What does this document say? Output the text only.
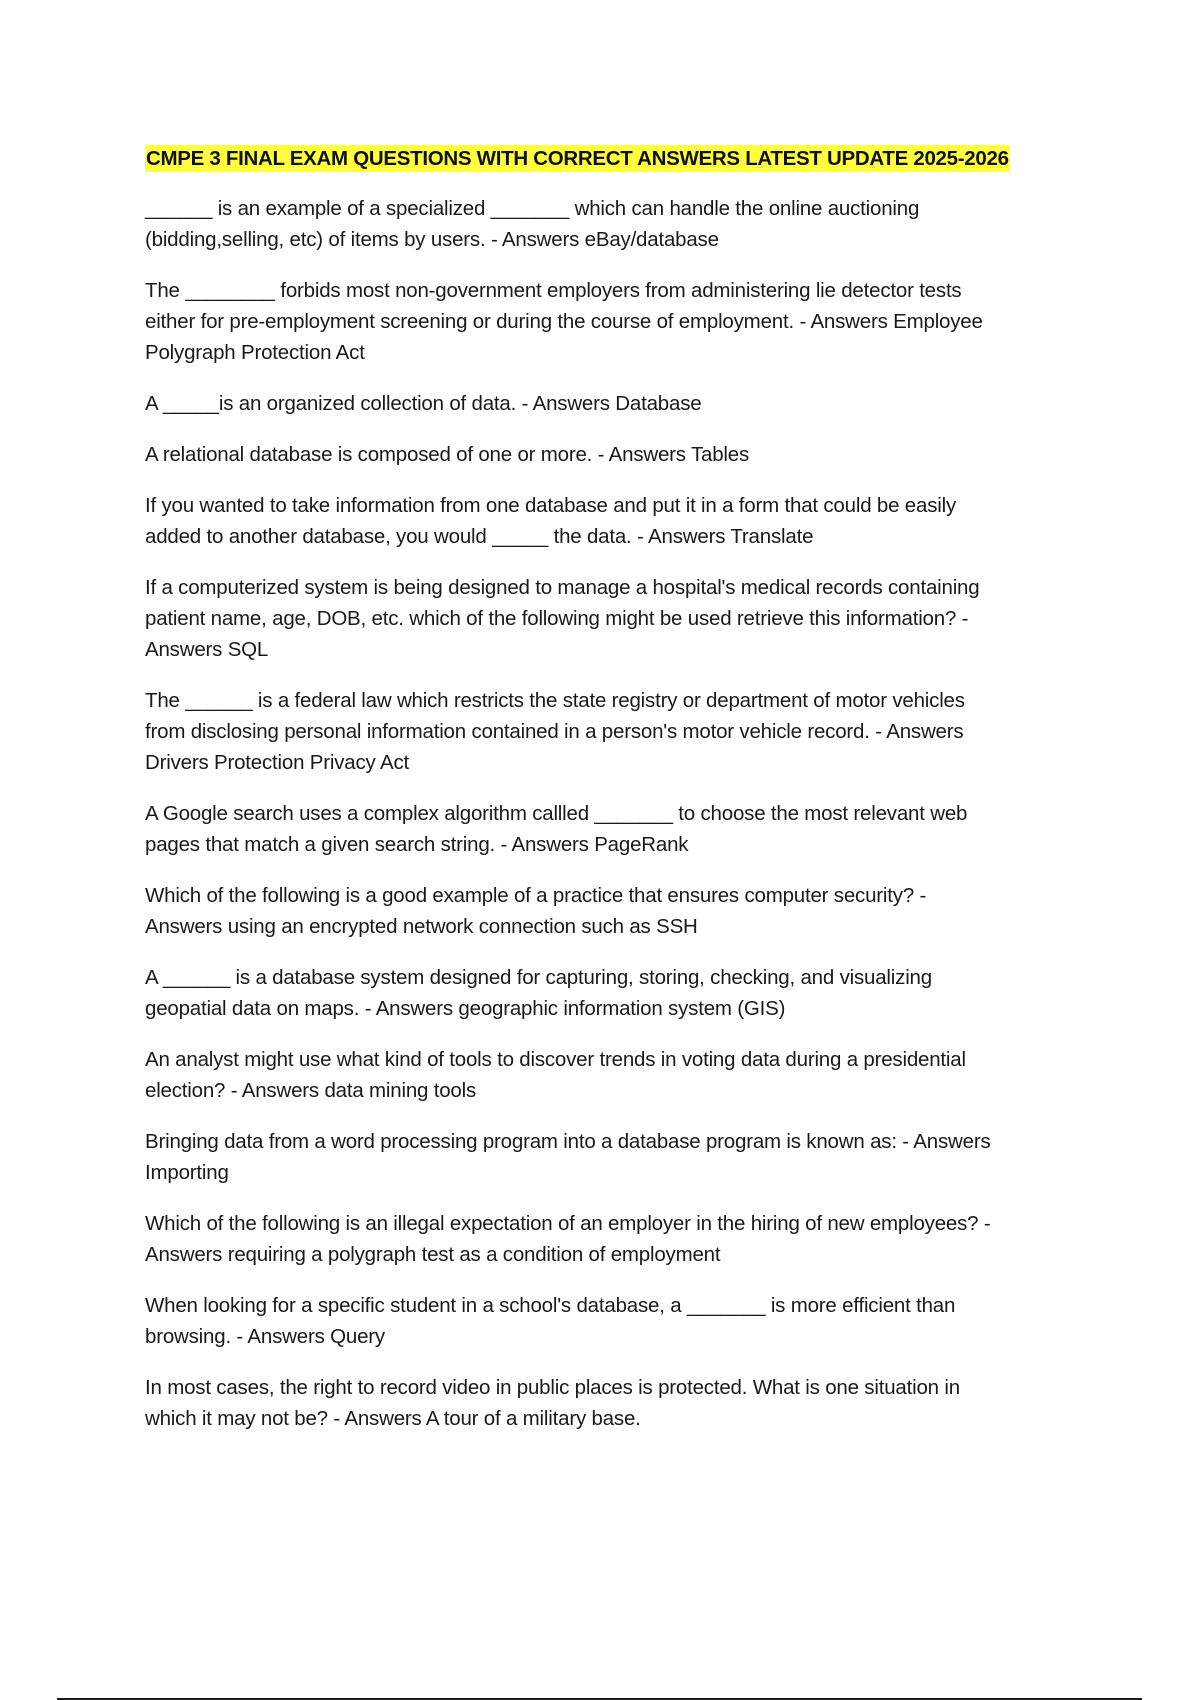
CMPE 3 FINAL EXAM QUESTIONS WITH CORRECT ANSWERS LATEST UPDATE 2025-2026

______ is an example of a specialized _______ which can handle the online auctioning
(bidding,selling, etc) of items by users. - Answers eBay/database

The ________ forbids most non-government employers from administering lie detector tests
either for pre-employment screening or during the course of employment. - Answers Employee
Polygraph Protection Act

A _____is an organized collection of data. - Answers Database

A relational database is composed of one or more. - Answers Tables

If you wanted to take information from one database and put it in a form that could be easily
added to another database, you would _____ the data. - Answers Translate

If a computerized system is being designed to manage a hospital's medical records containing
patient name, age, DOB, etc. which of the following might be used retrieve this information? -
Answers SQL

The ______ is a federal law which restricts the state registry or department of motor vehicles
from disclosing personal information contained in a person's motor vehicle record. - Answers
Drivers Protection Privacy Act

A Google search uses a complex algorithm callled _______ to choose the most relevant web
pages that match a given search string. - Answers PageRank

Which of the following is a good example of a practice that ensures computer security? -
Answers using an encrypted network connection such as SSH

A ______ is a database system designed for capturing, storing, checking, and visualizing
geopatial data on maps. - Answers geographic information system (GIS)

An analyst might use what kind of tools to discover trends in voting data during a presidential
election? - Answers data mining tools

Bringing data from a word processing program into a database program is known as: - Answers
Importing

Which of the following is an illegal expectation of an employer in the hiring of new employees? -
Answers requiring a polygraph test as a condition of employment

When looking for a specific student in a school's database, a _______ is more efficient than
browsing. - Answers Query

In most cases, the right to record video in public places is protected. What is one situation in
which it may not be? - Answers A tour of a military base.
